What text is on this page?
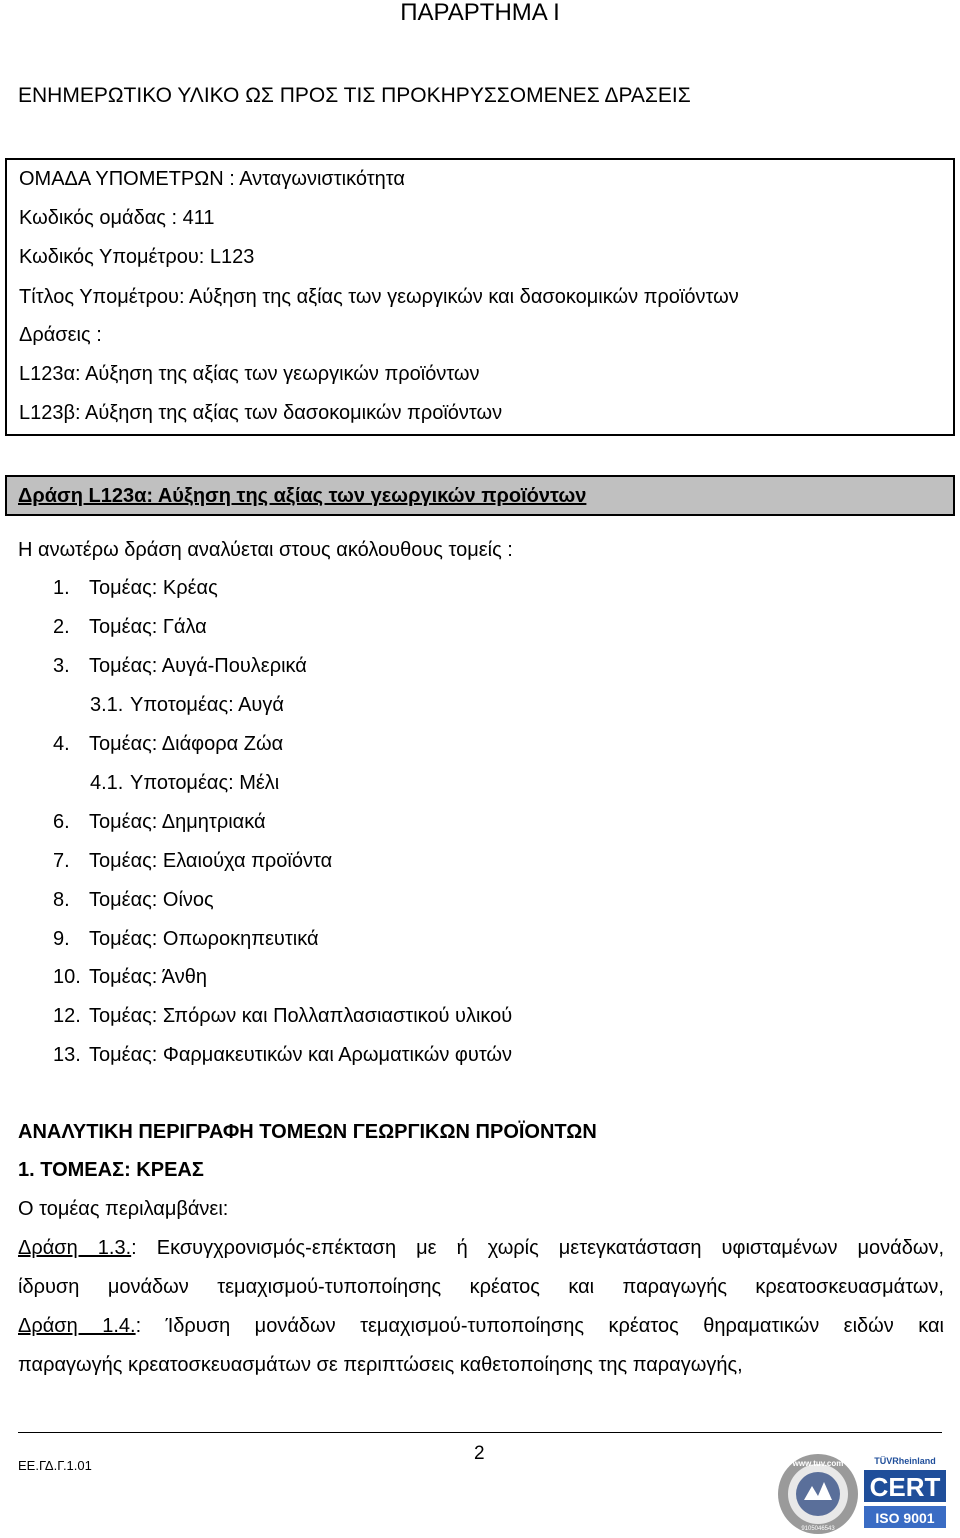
ΠΑΡΑΡΤΗΜΑ Ι
ΕΝΗΜΕΡΩΤΙΚΟ ΥΛΙΚΟ ΩΣ ΠΡΟΣ ΤΙΣ ΠΡΟΚΗΡΥΣΣΟΜΕΝΕΣ ΔΡΑΣΕΙΣ
ΟΜΑΔΑ ΥΠΟΜΕΤΡΩΝ : Ανταγωνιστικότητα
Κωδικός ομάδας : 411
Κωδικός Υπομέτρου: L123
Τίτλος Υπομέτρου: Αύξηση της αξίας των γεωργικών και δασοκομικών προϊόντων
Δράσεις :
L123α: Αύξηση της αξίας των γεωργικών προϊόντων
L123β: Αύξηση της αξίας των δασοκομικών προϊόντων
Δράση L123α: Αύξηση της αξίας των γεωργικών προϊόντων
Η ανωτέρω δράση αναλύεται στους ακόλουθους τομείς :
1. Τομέας: Κρέας
2. Τομέας: Γάλα
3. Τομέας: Αυγά-Πουλερικά
3.1. Υποτομέας: Αυγά
4. Τομέας: Διάφορα Ζώα
4.1. Υποτομέας: Μέλι
6. Τομέας: Δημητριακά
7. Τομέας: Ελαιούχα προϊόντα
8. Τομέας: Οίνος
9. Τομέας: Οπωροκηπευτικά
10. Τομέας: Άνθη
12. Τομέας: Σπόρων και Πολλαπλασιαστικού υλικού
13. Τομέας: Φαρμακευτικών και Αρωματικών φυτών
ΑΝΑΛΥΤΙΚΗ ΠΕΡΙΓΡΑΦΗ ΤΟΜΕΩΝ ΓΕΩΡΓΙΚΩΝ ΠΡΟΪΟΝΤΩΝ
1. ΤΟΜΕΑΣ: ΚΡΕΑΣ
Ο τομέας περιλαμβάνει:
Δράση 1.3.: Εκσυγχρονισμός-επέκταση με ή χωρίς μετεγκατάσταση υφισταμένων μονάδων,
ίδρυση μονάδων τεμαχισμού-τυποποίησης κρέατος και παραγωγής κρεατοσκευασμάτων,
Δράση 1.4.: Ίδρυση μονάδων τεμαχισμού-τυποποίησης κρέατος θηραματικών ειδών και
παραγωγής κρεατοσκευασμάτων σε περιπτώσεις καθετοποίησης της παραγωγής,
2
ΕΕ.ΓΔ.Γ.1.01	www.tuv.com
9105046543
TÜVRheinland
CERT
ISO 9001
